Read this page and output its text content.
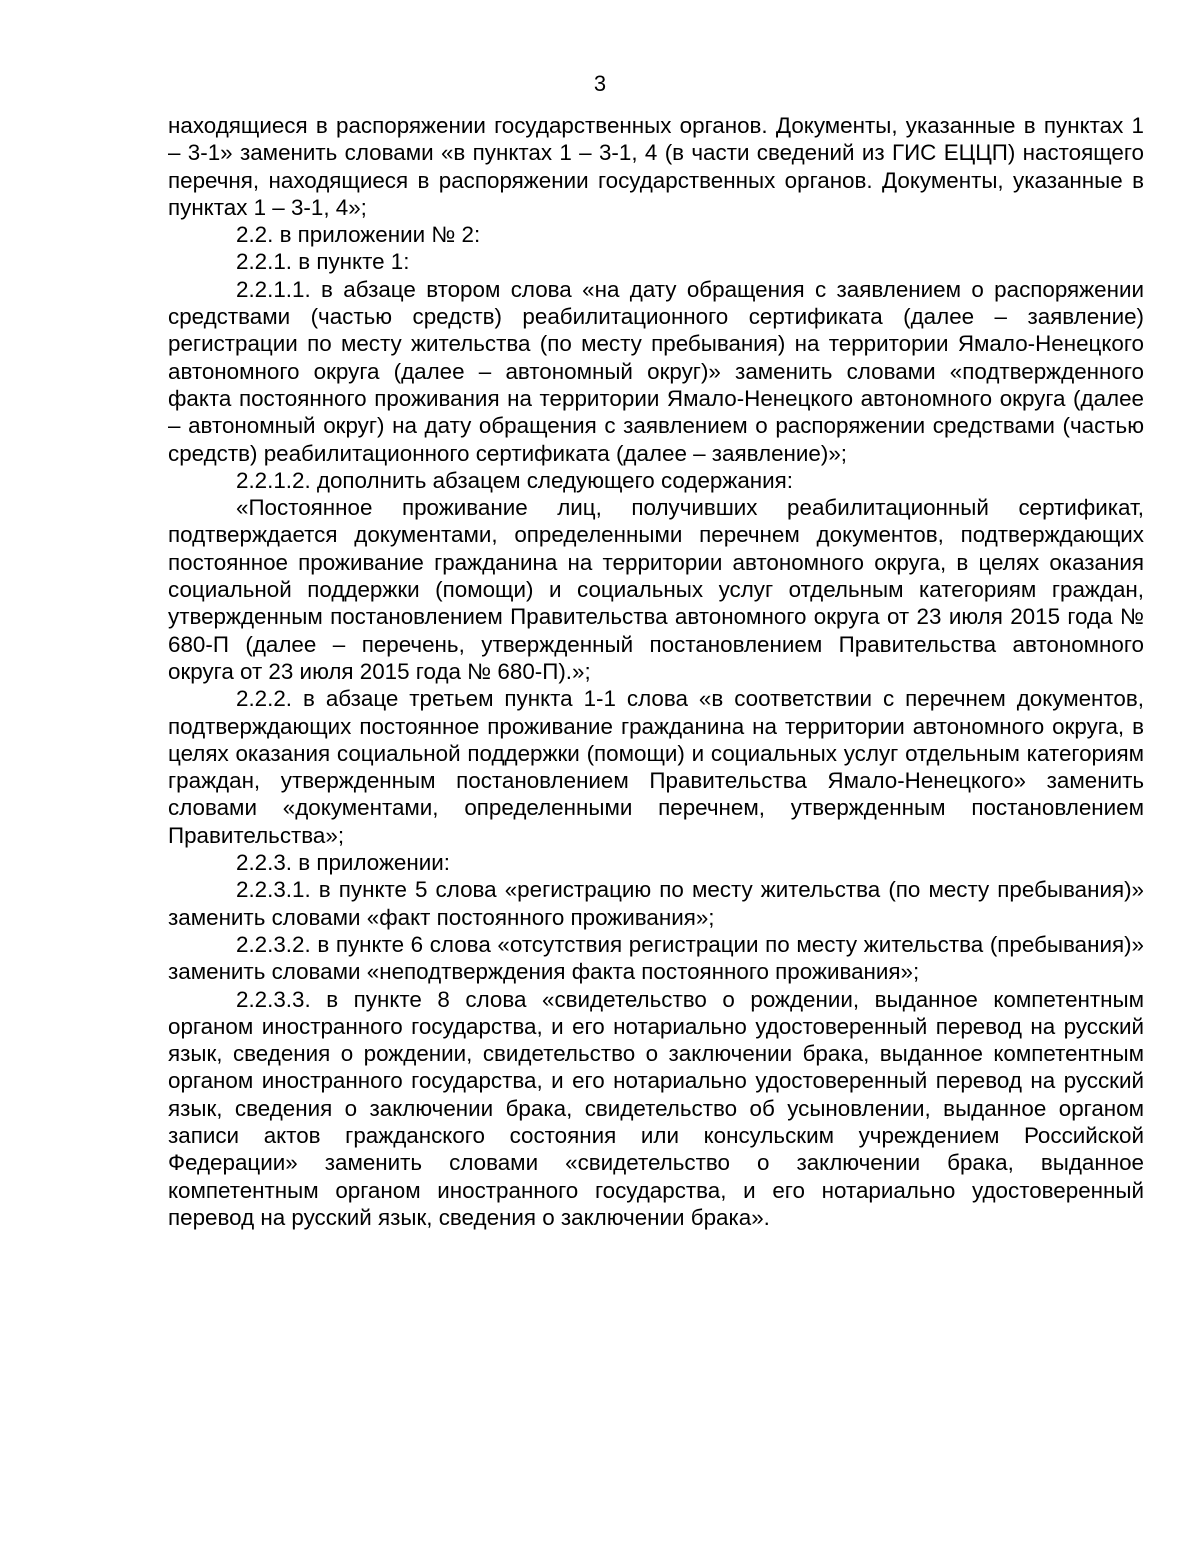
3

находящиеся в распоряжении государственных органов. Документы, указанные в пунктах 1 – 3-1» заменить словами «в пунктах 1 – 3-1, 4 (в части сведений из ГИС ЕЦЦП) настоящего перечня, находящиеся в распоряжении государственных органов. Документы, указанные в пунктах 1 – 3-1, 4»;

2.2. в приложении № 2:

2.2.1. в пункте 1:

2.2.1.1. в абзаце втором слова «на дату обращения с заявлением о распоряжении средствами (частью средств) реабилитационного сертификата (далее – заявление) регистрации по месту жительства (по месту пребывания) на территории Ямало-Ненецкого автономного округа (далее – автономный округ)» заменить словами «подтвержденного факта постоянного проживания на территории Ямало-Ненецкого автономного округа (далее – автономный округ) на дату обращения с заявлением о распоряжении средствами (частью средств) реабилитационного сертификата (далее – заявление)»;

2.2.1.2. дополнить абзацем следующего содержания:

«Постоянное проживание лиц, получивших реабилитационный сертификат, подтверждается документами, определенными перечнем документов, подтверждающих постоянное проживание гражданина на территории автономного округа, в целях оказания социальной поддержки (помощи) и социальных услуг отдельным категориям граждан, утвержденным постановлением Правительства автономного округа от 23 июля 2015 года № 680-П (далее – перечень, утвержденный постановлением Правительства автономного округа от 23 июля 2015 года № 680-П).»;

2.2.2. в абзаце третьем пункта 1-1 слова «в соответствии с перечнем документов, подтверждающих постоянное проживание гражданина на территории автономного округа, в целях оказания социальной поддержки (помощи) и социальных услуг отдельным категориям граждан, утвержденным постановлением Правительства Ямало-Ненецкого» заменить словами «документами, определенными перечнем, утвержденным постановлением Правительства»;

2.2.3. в приложении:

2.2.3.1. в пункте 5 слова «регистрацию по месту жительства (по месту пребывания)» заменить словами «факт постоянного проживания»;

2.2.3.2. в пункте 6 слова «отсутствия регистрации по месту жительства (пребывания)» заменить словами «неподтверждения факта постоянного проживания»;

2.2.3.3. в пункте 8 слова «свидетельство о рождении, выданное компетентным органом иностранного государства, и его нотариально удостоверенный перевод на русский язык, сведения о рождении, свидетельство о заключении брака, выданное компетентным органом иностранного государства, и его нотариально удостоверенный перевод на русский язык, сведения о заключении брака, свидетельство об усыновлении, выданное органом записи актов гражданского состояния или консульским учреждением Российской Федерации» заменить словами «свидетельство о заключении брака, выданное компетентным органом иностранного государства, и его нотариально удостоверенный перевод на русский язык, сведения о заключении брака».
